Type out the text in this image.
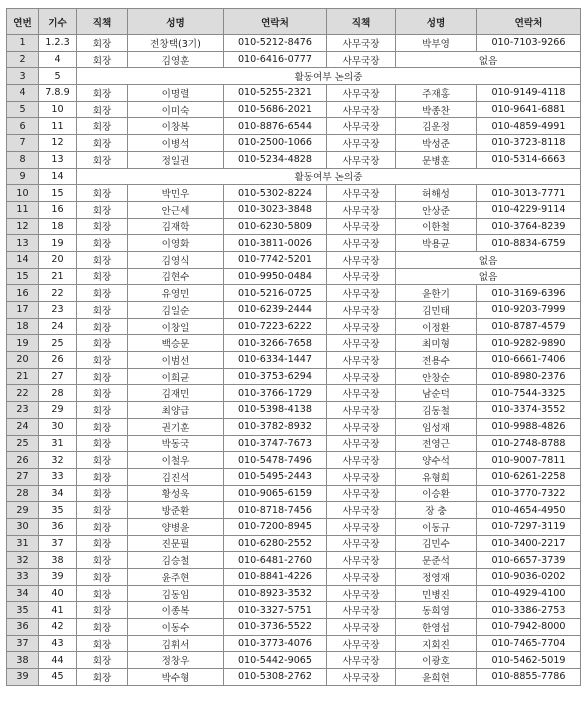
연번	기수	직책	성명	연락처	직책	성명	연락처
1	1.2.3	회장	전창택(3기)	010-5212-8476	사무국장	박부영	010-7103-9266
2	4	회장	김영훈	010-6416-0777	사무국장	없음	
3	5	활동여부 논의중					
4	7.8.9	회장	이명렬	010-5255-2321	사무국장	주재홍	010-9149-4118
5	10	회장	이미숙	010-5686-2021	사무국장	박종찬	010-9641-6881
6	11	회장	이창복	010-8876-6544	사무국장	김운정	010-4859-4991
7	12	회장	이병석	010-2500-1066	사무국장	박성준	010-3723-8118
8	13	회장	정일권	010-5234-4828	사무국장	문병훈	010-5314-6663
9	14	활동여부 논의중					
10	15	회장	박민우	010-5302-8224	사무국장	허해성	010-3013-7771
11	16	회장	안근세	010-3023-3848	사무국장	안상준	010-4229-9114
12	18	회장	김재학	010-6230-5809	사무국장	이한철	010-3764-8239
13	19	회장	이영화	010-3811-0026	사무국장	박용균	010-8834-6759
14	20	회장	김영식	010-7742-5201	사무국장	없음	
15	21	회장	김현수	010-9950-0484	사무국장	없음	
16	22	회장	유영민	010-5216-0725	사무국장	윤한기	010-3169-6396
17	23	회장	김일순	010-6239-2444	사무국장	김민태	010-9203-7999
18	24	회장	이창일	010-7223-6222	사무국장	이정환	010-8787-4579
19	25	회장	백승문	010-3266-7658	사무국장	최미형	010-9282-9890
20	26	회장	이범선	010-6334-1447	사무국장	전용수	010-6661-7406
21	27	회장	이희균	010-3753-6294	사무국장	안창순	010-8980-2376
22	28	회장	김재민	010-3766-1729	사무국장	남순덕	010-7544-3325
23	29	회장	최양급	010-5398-4138	사무국장	김동철	010-3374-3552
24	30	회장	권기훈	010-3782-8932	사무국장	임성재	010-9988-4826
25	31	회장	박동국	010-3747-7673	사무국장	전영근	010-2748-8788
26	32	회장	이철우	010-5478-7496	사무국장	양수석	010-9007-7811
27	33	회장	김진석	010-5495-2443	사무국장	유형희	010-6261-2258
28	34	회장	황성욱	010-9065-6159	사무국장	이승환	010-3770-7322
29	35	회장	방준환	010-8718-7456	사무국장	장 충	010-4654-4950
30	36	회장	양병윤	010-7200-8945	사무국장	이동규	010-7297-3119
31	37	회장	진문필	010-6280-2552	사무국장	김민수	010-3400-2217
32	38	회장	김승철	010-6481-2760	사무국장	문준석	010-6657-3739
33	39	회장	윤주현	010-8841-4226	사무국장	정영재	010-9036-0202
34	40	회장	김동임	010-8923-3532	사무국장	민병진	010-4929-4100
35	41	회장	이종복	010-3327-5751	사무국장	동희영	010-3386-2753
36	42	회장	이동수	010-3736-5522	사무국장	한영섭	010-7942-8000
37	43	회장	김휘서	010-3773-4076	사무국장	지회진	010-7465-7704
38	44	회장	정창우	010-5442-9065	사무국장	이광호	010-5462-5019
39	45	회장	박수형	010-5308-2762	사무국장	윤희현	010-8855-7786
